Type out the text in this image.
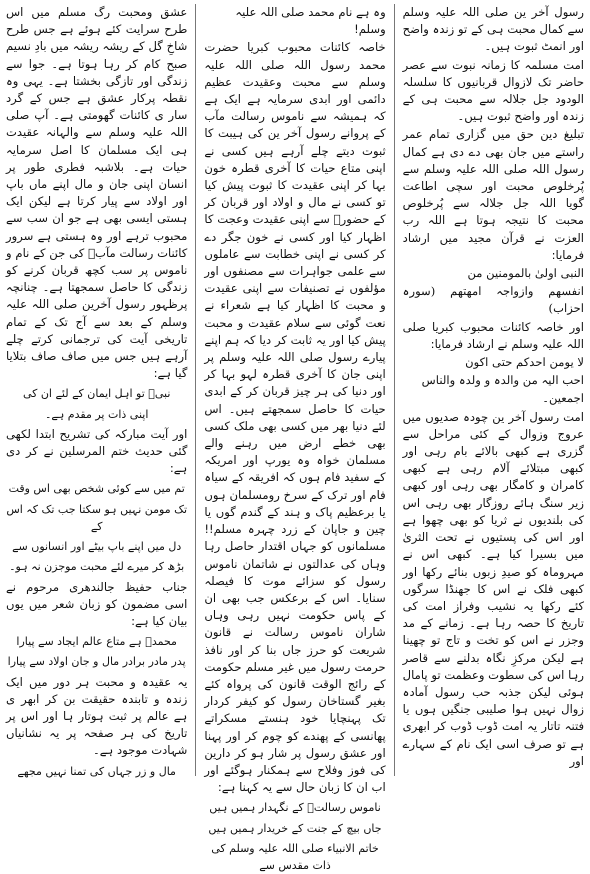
رسول آخر ین صلی اللہ علیہ وسلم سے کمال محبت ہی کے تو زندہ واضح اور انمٹ ثبوت ہیں۔

امت مسلمہ کا زمانہ نبوت سے عصر حاضر تک لازوال قربانیوں کا سلسلہ الودود جل جلالہ سے محبت ہی کے زندہ اور واضح ثبوت ہیں۔

تبلیغ دین حق میں گزاری تمام عمر راستے میں جان بھی دے دی ہے کمال رسول اللہ صلی اللہ علیہ وسلم سے پُرخلوص محبت اور سچی اطاعت گویا اللہ جل جلالہ سے پُرخلوص محبت کا نتیجہ ہوتا ہے اللہ رب العزت نے قرآن مجید میں ارشاد فرمایا:

النبی اولیٰ بالمومنین من

انفسھم وازواجہ امھتھم (سورہ احزاب)

اور خاصہ کائنات محبوب کبریا صلی اللہ علیہ وسلم نے ارشاد فرمایا:

لا یومن احدکم حتی اکون

احب الیہ من والدہ و ولدہ والناس

اجمعین۔

امت رسول آخر ین چودہ صدیوں میں عروج وزوال کے کئی مراحل سے گزری ہے کبھی بالائے بام رہی اور کبھی مبتلائے آلام رہی ہے کبھی کامران و کامگار بھی رہی اور کبھی زیر سنگ ہائے روزگار بھی رہی اس کی بلندیوں نے ثریا کو بھی چھوا ہے اور اس کی پستیوں نے تحت الثریٰ میں بسیرا کیا ہے۔ کبھی اس نے مہروماہ کو صیدِ زبوں بنائے رکھا اور کبھی فلک نے اس کا جھنڈا سرگوں کئے رکھا یہ نشیب وفراز امت کی تاریخ کا حصہ رہا ہے۔ زمانے کے مد وجزر نے اس کو تخت و تاج تو چھینا ہے لیکن مرکزِ نگاہ بدلنے سے قاصر رہا اس کی سطوت وعظمت تو پامال ہوئی لیکن جذبہ حب رسول آمادہ زوال نہیں ہوا صلیبی جنگیں ہوں یا فتنہ تاتار یہ امت ڈوب ڈوب کر ابھری ہے تو صرف اسی ایک نام کے سہارے اور

وہ ہے نام محمد صلی اللہ علیہ وسلم!

خاصہ کائنات محبوب کبریا حضرت محمد رسول اللہ صلی اللہ علیہ وسلم سے محبت وعقیدت عظیم دائمی اور ابدی سرمایہ ہے ایک ہے کہ ہمیشہ سے ناموس رسالت مآب کے پروانے رسول آخر ین کی ہیبت کا ثبوت دیتے چلے آرہے ہیں کسی نے اپنی متاع حیات کا آخری قطرہ خون بہا کر اپنی عقیدت کا ثبوت پیش کیا تو کسی نے مال و اولاد اور قربان کر کے حضورؐ سے اپنی عقیدت وعجت کا اظہار کیا اور کسی نے خون جگر دے کر کسی نے اپنی خطابت سے عاملوں سے علمی جواہرات سے مصنفوں اور مؤلفوں نے تصنیفات سے اپنی عقیدت و محبت کا اظہار کیا ہے شعراء نے نعت گوئی سے سلام عقیدت و محبت پیش کیا اور یہ ثابت کر دیا کہ ہم اپنے پیارے رسول صلی اللہ علیہ وسلم پر اپنی جان کا آخری قطرہ لہو بہا کر اور دنیا کی ہر چیز قربان کر کے ابدی حیات کا حاصل سمجھتے ہیں۔ اس لئے دنیا بھر میں کسی بھی ملک کسی بھی خطے ارض میں رہنے والے مسلمان خواہ وہ یورپ اور امریکہ کے سفید فام ہوں کہ افریقہ کے سیاہ فام اور ترک کے سرخ رومسلمان ہوں یا برعظیم پاک و ہند کے گندم گوں یا چین و جاپان کے زرد چہرہ مسلم!! مسلمانوں کو جہاں اقتدار حاصل رہا وہاں کی عدالتوں نے شاتمان ناموس رسول کو سزائے موت کا فیصلہ سنایا۔ اس کے برعکس جب بھی ان کے پاس حکومت نہیں رہی وہاں شاران ناموس رسالت نے قانون شریعت کو حرز جاں بنا کر اور نافذ حرمت رسول میں غیر مسلم حکومت کے رائج الوقت قانون کی پرواہ کئے بغیر گستاخان رسول کو کیفر کردار تک پہنچایا خود ہنستے مسکراتے پھانسی کے پھندے کو چوم کر اور پہنا اور عشق رسول پر شار ہو کر دارین کی فوز وفلاح سے ہمکنار ہوگئے اور اب ان کا زبان حال سے یہ کہنا ہے:

ناموس رسالتؐ کے نگہدار ہمیں ہیں

جاں بیچ کے جنت کے خریدار ہمیں ہیں

خاتم الانبیاء صلی اللہ علیہ وسلم کی ذات مقدس سے

عشق ومحبت رگ مسلم میں اس طرح سرایت کئے ہوئے ہے جس طرح شاخِ گل کے ریشہ ریشہ میں بادِ نسیم صبح کام کر رہا ہوتا ہے۔ جوا سے زندگی اور تازگی بخشتا ہے۔ یہی وہ نقطہ پرکار عشق ہے جس کے گرد سار ی کائنات گھومتی ہے۔ آپ صلی اللہ علیہ وسلم سے والہانہ عقیدت ہی ایک مسلمان کا اصل سرمایہ حیات ہے۔ بلاشبہ فطری طور پر انسان اپنی جان و مال اپنے ماں باپ اور اولاد سے پیار کرتا ہے لیکن ایک ہستی ایسی بھی ہے جو ان سب سے محبوب ترہے اور وہ ہستی ہے سرور کائنات رسالت مآبؐ کی جن کے نام و ناموس پر سب کچھ قربان کرنے کو زندگی کا حاصل سمجھتا ہے۔ چنانچہ پرظہور رسول آخرین صلی اللہ علیہ وسلم کے بعد سے آج تک کے تمام تاریخی آیت کی ترجمانی کرتے چلے آرہے ہیں جس میں صاف صاف بتلایا گیا ہے:

نبیؐ تو اہل ایمان کے لئے ان کی

اپنی ذات پر مقدم ہے۔

اور آیت مبارکہ کی تشریح ابتدا لکھی گئی حدیث ختم المرسلین نے کر دی ہے:

تم میں سے کوئی شخص بھی اس وقت

تک مومن نہیں ہو سکتا جب تک کہ اس کے

دل میں اپنے باپ بیٹے اور انسانوں سے

بڑھ کر میرے لئے محبت موجزن نہ ہو۔

جناب حفیظ جالندھری مرحوم نے اسی مضمون کو زبان شعر میں یوں بیان کیا ہے:

محمدؐ ہے متاع عالم ایجاد سے پیارا

پدر مادر برادر مال و جان اولاد سے پیارا

یہ عقیدہ و محبت ہر دور میں ایک زندہ و تابندہ حقیقت بن کر ابھر ی ہے عالم پر ثبت ہوتار ہا اور اس پر تاریخ کی ہر صفحہ پر یہ نشانیاں شہادت موجود ہے۔

مال و زر جہاں کی تمنا نہیں مجھے
